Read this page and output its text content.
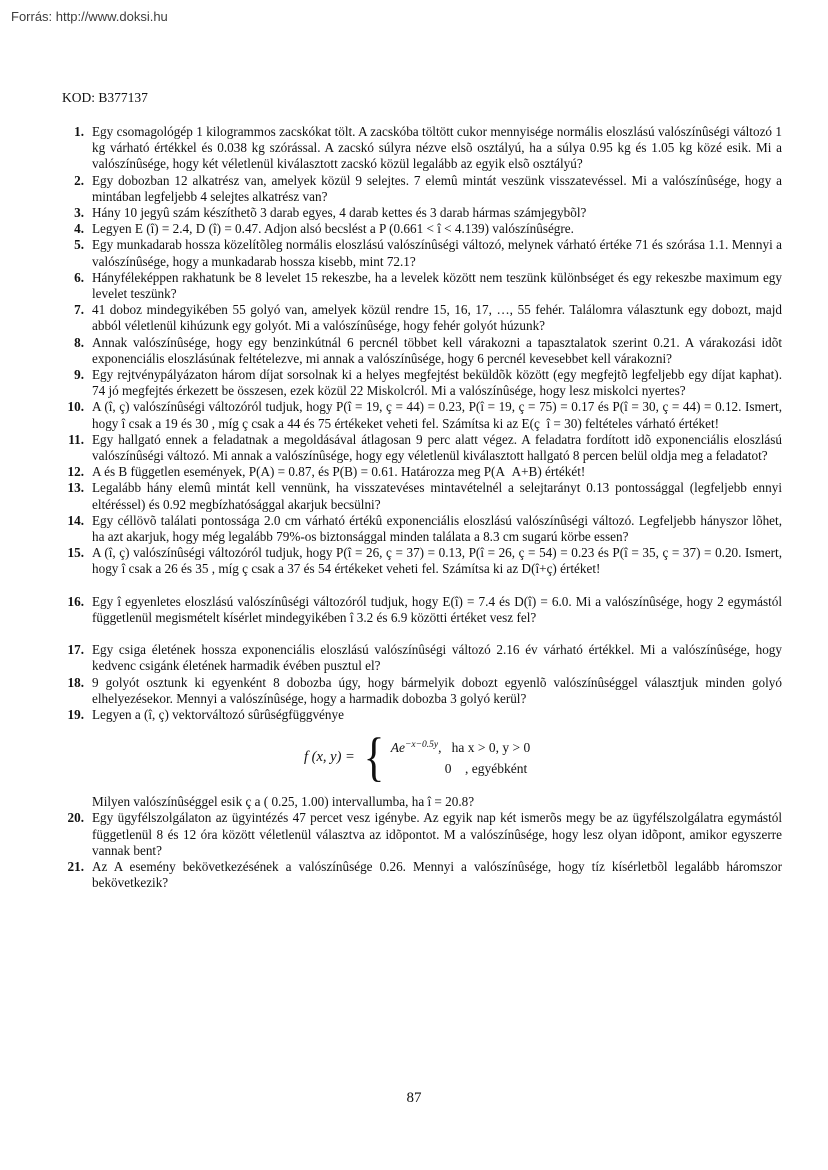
Forrás: http://www.doksi.hu
KOD: B377137
1. Egy csomagológép 1 kilogrammos zacskókat tölt. A zacskóba töltött cukor mennyisége normális eloszlású valószínûségi változó 1 kg várható értékkel és 0.038 kg szórással. A zacskó súlyra nézve elsõ osztályú, ha a súlya 0.95 kg és 1.05 kg közé esik. Mi a valószínûsége, hogy két véletlenül kiválasztott zacskó közül legalább az egyik elsõ osztályú?
2. Egy dobozban 12 alkatrész van, amelyek közül 9 selejtes. 7 elemû mintát veszünk visszatevéssel. Mi a valószínûsége, hogy a mintában legfeljebb 4 selejtes alkatrész van?
3. Hány 10 jegyû szám készíthetõ 3 darab egyes, 4 darab kettes és 3 darab hármas számjegybõl?
4. Legyen E (î) = 2.4, D (î) = 0.47. Adjon alsó becslést a P (0.661 < î < 4.139) valószínûségre.
5. Egy munkadarab hossza közelítõleg normális eloszlású valószínûségi változó, melynek várható értéke 71 és szórása 1.1. Mennyi a valószínûsége, hogy a munkadarab hossza kisebb, mint 72.1?
6. Hányféleképpen rakhatunk be 8 levelet 15 rekeszbe, ha a levelek között nem teszünk különbséget és egy rekeszbe maximum egy levelet teszünk?
7. 41 doboz mindegyikében 55 golyó van, amelyek közül rendre 15, 16, 17, …, 55 fehér. Találomra választunk egy dobozt, majd abból véletlenül kihúzunk egy golyót. Mi a valószínûsége, hogy fehér golyót húzunk?
8. Annak valószínûsége, hogy egy benzinkútnál 6 percnél többet kell várakozni a tapasztalatok szerint 0.21. A várakozási idõt exponenciális eloszlásúnak feltételezve, mi annak a valószínûsége, hogy 6 percnél kevesebbet kell várakozni?
9. Egy rejtvénypályázaton három díjat sorsolnak ki a helyes megfejtést beküldõk között (egy megfejtõ legfeljebb egy díjat kaphat). 74 jó megfejtés érkezett be összesen, ezek közül 22 Miskolcról. Mi a valószínûsége, hogy lesz miskolci nyertes?
10. A (î, ç) valószínûségi változóról tudjuk, hogy P(î = 19, ç = 44) = 0.23, P(î = 19, ç = 75) = 0.17 és P(î = 30, ç = 44) = 0.12. Ismert, hogy î csak a 19 és 30 , míg ç csak a 44 és 75 értékeket veheti fel. Számítsa ki az E(ç  î = 30) feltételes várható értéket!
11. Egy hallgató ennek a feladatnak a megoldásával átlagosan 9 perc alatt végez. A feladatra fordított idõ exponenciális eloszlású valószínûségi változó. Mi annak a valószínûsége, hogy egy véletlenül kiválasztott hallgató 8 percen belül oldja meg a feladatot?
12. A és B független események, P(A) = 0.87, és P(B) = 0.61. Határozza meg P(A  A+B) értékét!
13. Legalább hány elemû mintát kell vennünk, ha visszatevéses mintavételnél a selejtarányt 0.13 pontossággal (legfeljebb ennyi eltéréssel) és 0.92 megbízhatósággal akarjuk becsülni?
14. Egy céllövõ találati pontossága 2.0 cm várható értékû exponenciális eloszlású valószínûségi változó. Legfeljebb hányszor lõhet, ha azt akarjuk, hogy még legalább 79%-os biztonsággal minden találata a 8.3 cm sugarú körbe essen?
15. A (î, ç) valószínûségi változóról tudjuk, hogy P(î = 26, ç = 37) = 0.13, P(î = 26, ç = 54) = 0.23 és P(î = 35, ç = 37) = 0.20. Ismert, hogy î csak a 26 és 35 , míg ç csak a 37 és 54 értékeket veheti fel. Számítsa ki az D(î+ç) értéket!
16. Egy î egyenletes eloszlású valószínûségi változóról tudjuk, hogy E(î) = 7.4 és D(î) = 6.0. Mi a valószínûsége, hogy 2 egymástól függetlenül megismételt kísérlet mindegyikében î 3.2 és 6.9 közötti értéket vesz fel?
17. Egy csiga életének hossza exponenciális eloszlású valószínûségi változó 2.16 év várható értékkel. Mi a valószínûsége, hogy kedvenc csigánk életének harmadik évében pusztul el?
18. 9 golyót osztunk ki egyenként 8 dobozba úgy, hogy bármelyik dobozt egyenlõ valószínûséggel választjuk minden golyó elhelyezésekor. Mennyi a valószínûsége, hogy a harmadik dobozba 3 golyó kerül?
19. Legyen a (î, ç) vektorváltozó sûrûségfüggvénye
f (x, y) = { $Ae^{-x-0.5y}$,  ha x > 0, y > 0
0 , egyébként
Milyen valószínûséggel esik ç a ( 0.25, 1.00) intervallumba, ha î = 20.8?
20. Egy ügyfélszolgálaton az ügyintézés 47 percet vesz igénybe. Az egyik nap két ismerõs megy be az ügyfélszolgálatra egymástól függetlenül 8 és 12 óra között véletlenül választva az idõpontot. M a valószínûsége, hogy lesz olyan idõpont, amikor egyszerre vannak bent?
21. Az A esemény bekövetkezésének a valószínûsége 0.26. Mennyi a valószínûsége, hogy tíz kísérletbõl legalább háromszor bekövetkezik?
87
